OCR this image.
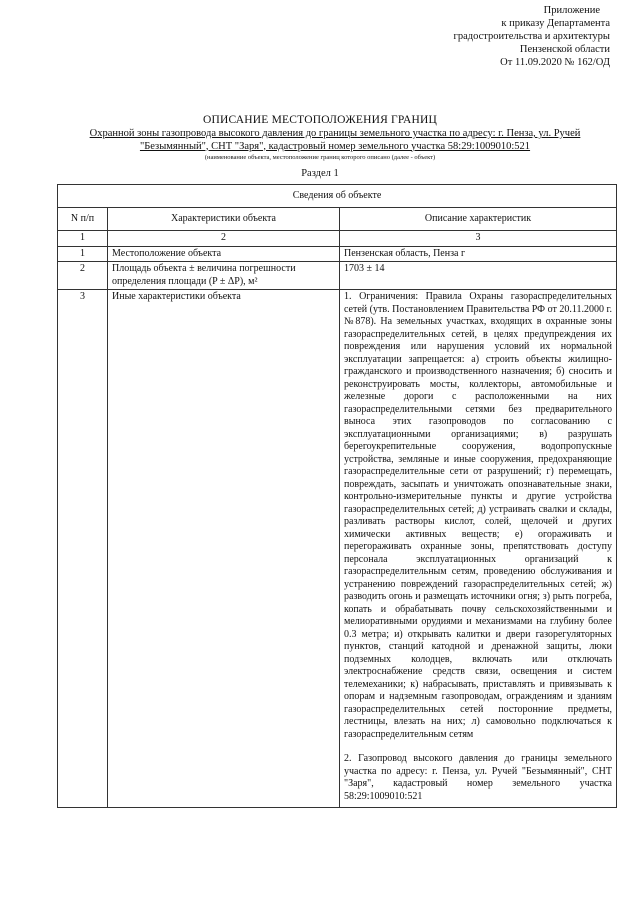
Приложение
к приказу Департамента
градостроительства и архитектуры
Пензенской области
От 11.09.2020 № 162/ОД
ОПИСАНИЕ МЕСТОПОЛОЖЕНИЯ ГРАНИЦ
Охранной зоны газопровода высокого давления до границы земельного участка по адресу: г. Пенза, ул. Ручей "Безымянный", СНТ "Заря", кадастровый номер земельного участка 58:29:1009010:521
(наименование объекта, местоположение границ которого описано (далее - объект)
Раздел 1
Сведения об объекте		
N п/п	Характеристики объекта	Описание характеристик
1	2	3
1	Местоположение объекта	Пензенская область, Пенза г
2	Площадь объекта ± величина погрешности определения площади (P ± ΔP), м²	1703 ± 14
3	Иные характеристики объекта	1. Ограничения: Правила Охраны газораспределительных сетей (утв. Постановлением Правительства РФ от 20.11.2000 г. №878). На земельных участках, входящих в охранные зоны газораспределительных сетей, в целях предупреждения их повреждения или нарушения условий их нормальной эксплуатации запрещается: а) строить объекты жилищно-гражданского и производственного назначения; б) сносить и реконструировать мосты, коллекторы, автомобильные и железные дороги с расположенными на них газораспределительными сетями без предварительного выноса этих газопроводов по согласованию с эксплуатационными организациями; в) разрушать берегоукрепительные сооружения, водопропускные устройства, земляные и иные сооружения, предохраняющие газораспределительные сети от разрушений; г) перемещать, повреждать, засыпать и уничтожать опознавательные знаки, контрольно-измерительные пункты и другие устройства газораспределительных сетей; д) устраивать свалки и склады, разливать растворы кислот, солей, щелочей и других химически активных веществ; е) огораживать и перегораживать охранные зоны, препятствовать доступу персонала эксплуатационных организаций к газораспределительным сетям, проведению обслуживания и устранению повреждений газораспределительных сетей; ж) разводить огонь и размещать источники огня; з) рыть погреба, копать и обрабатывать почву сельскохозяйственными и мелиоративными орудиями и механизмами на глубину более 0.3 метра; и) открывать калитки и двери газорегуляторных пунктов, станций катодной и дренажной защиты, люки подземных колодцев, включать или отключать электроснабжение средств связи, освещения и систем телемеханики; к) набрасывать, приставлять и привязывать к опорам и надземным газопроводам, ограждениям и зданиям газораспределительных сетей посторонние предметы, лестницы, влезать на них; л) самовольно подключаться к газораспределительным сетям
2. Газопровод высокого давления до границы земельного участка по адресу: г. Пенза, ул. Ручей "Безымянный", СНТ "Заря", кадастровый номер земельного участка 58:29:1009010:521
